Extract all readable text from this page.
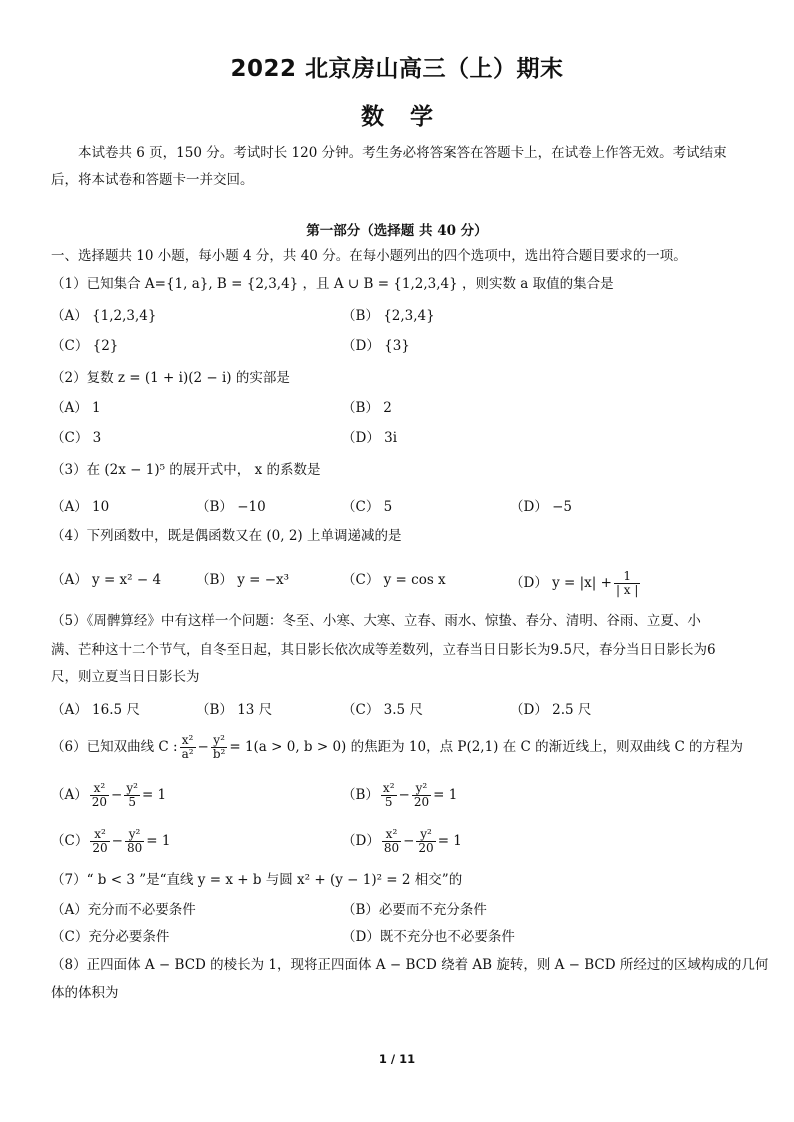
2022 北京房山高三（上）期末
数学
本试卷共 6 页，150 分。考试时长 120 分钟。考生务必将答案答在答题卡上，在试卷上作答无效。考试结束
后，将本试卷和答题卡一并交回。
第一部分（选择题 共 40 分）
一、选择题共 10 小题，每小题 4 分，共 40 分。在每小题列出的四个选项中，选出符合题目要求的一项。
（1）已知集合 A={1, a}, B = {2,3,4} ，且 A ∪ B = {1,2,3,4} ，则实数 a 取值的集合是
（A） {1,2,3,4}	（B） {2,3,4}
（C） {2}	（D） {3}
（2）复数 z = (1 + i)(2 − i) 的实部是
（A） 1	（B） 2
（C） 3	（D） 3i
（3）在 (2x − 1)⁵ 的展开式中， x 的系数是
（A） 10	（B） −10	（C） 5	（D） −5
（4）下列函数中，既是偶函数又在 (0, 2) 上单调递减的是
（A） y = x² − 4	（B） y = −x³	（C） y = cos x	（D） $y = |x| + \frac{1}{| x |}$
（5）《周髀算经》中有这样一个问题：冬至、小寒、大寒、立春、雨水、惊蛰、春分、清明、谷雨、立夏、小
满、芒种这十二个节气，自冬至日起，其日影长依次成等差数列，立春当日日影长为9.5尺，春分当日日影长为6
尺，则立夏当日日影长为
（A） 16.5 尺	（B） 13 尺	（C） 3.5 尺	（D） 2.5 尺
（6）已知双曲线 C : $\frac{\text{x²}}{\text{a²}} - \frac{\text{y²}}{\text{b²}} = 1(a > 0$, b > 0) 的焦距为 10，点 P(2,1) 在 C 的渐近线上，则双曲线 C 的方程为
$(A) \frac{\text{x²}}{20} - \frac{\text{y²}}{5} = 1$	$(B) \frac{\text{x²}}{5} - \frac{\text{y²}}{20} = 1$
$(C) \frac{\text{x²}}{20} - \frac{\text{y²}}{80} = 1$	$(D) \frac{\text{x²}}{80} - \frac{\text{y²}}{20} = 1$
（7）“ b < 3 ”是“直线 y = x + b 与圆 x² + (y − 1)² = 2 相交”的
（A）充分而不必要条件	（B）必要而不充分条件
（C）充分必要条件	（D）既不充分也不必要条件
（8）正四面体 A − BCD 的棱长为 1，现将正四面体 A − BCD 绕着 AB 旋转，则 A − BCD 所经过的区域构成的几何
体的体积为
1 / 11
